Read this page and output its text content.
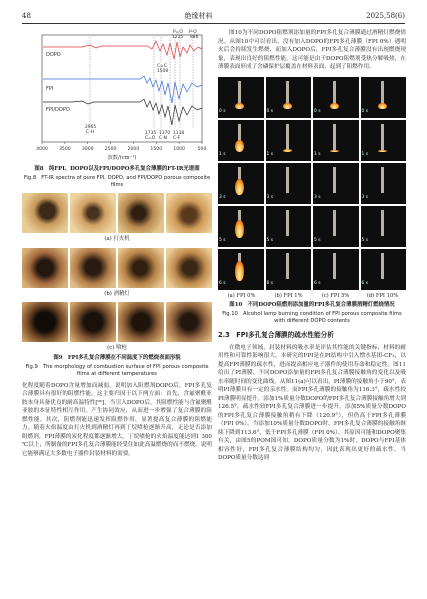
48	绝缘材料	2025,58(6)
DOPO
FPI
FPI/DOPO
P=O
1225
P-O
886
C=C
1508
2965
C-H	1735
C=O
1370
C-N
1138
C-F
4000 3500 3000 2500 2000 1500 1000	500
波数/(cm⁻¹)

图8　纯FPI、DOPO以及FPI/DOPO多孔复合薄膜的FT-IR光谱图

Fig.8　FT-IR spectra of pure FPI, DOPO, and FPI/DOPO porous composite films

(a) 打火机
(b) 酒精灯
(c) 喷枪

图9　FPI多孔复合薄膜在不同温度下的燃烧表面形貌

Fig.9　The morphology of combustion surface of FPI porous composite films at different temperatures

化程度随着DOPO含量增加而减弱，说明加入阻燃剂DOPO后，FPI多孔复合薄膜具有很好的阻燃性能。这主要归因于以下两方面：首先，含氟聚酰亚胺本身具备优良的耐高温特性[⁹⁶]，当引入DOPO后，其阻燃性能与含氟聚酰亚胺的本征特性相互作用，产生协同效应，从而进一步增强了复合薄膜的阻燃性能。其次，阻燃剂能迅速发挥阻燃作用，显著提高复合薄膜的阻燃能力。随着火焰温度由打火机到酒精灯再到丁烷喷枪逐渐升高，无论是否添加阻燃剂，FPI薄膜的炭化程度都逐渐增大。丁烷喷枪的火焰温度能达到1 300 ℃以上，所制备的FPI多孔复合薄膜能经受住如此高温燃烧的而不燃烧，说明它能够满足大多数电子器件封装材料的需要。

图10为不同DOPO阻燃剂添加量的FPI多孔复合薄膜通过酒精灯燃烧情况。从图10中可以看出，没有加入DOPO的FPI多孔薄膜（FPI 0%）遇明火后会持续发生燃烧，而加入DOPO后，FPI多孔复合薄膜没有出现燃烧现象，表现出良好的阻燃性能。这可能是由于DOPO阻燃剂受热分解吸热，在薄膜表面形成了含磷保护层覆盖在材料表面，起到了阻燃作用。

0 s	0 s	0 s	0 s
1 s	1 s	1 s	1 s
3 s	3 s	3 s	3 s
5 s	5 s	5 s	5 s
6 s	6 s	6 s	6 s
(a) FPI 0%	(b) FPI 1%	(c) FPI 5%	(d) FPI 10%

图10　不同DOPO阻燃剂添加量的FPI多孔复合薄膜酒精灯燃烧情况

Fig.10　Alcohol lamp burning condition of FPI porous composite films with different DOPO contents

2.3　FPI多孔复合薄膜的疏水性能分析

在微电子领域，封装材料的吸水率是评估其性能的关键指标，材料的耐用性和可靠性影响很大。本研究的FPI是在PI结构中引入憎水基团-CF₃，以提高FPI薄膜的疏水性，进而提高相应电子器件的使用寿命和稳定性。图11给出了PI薄膜、不同DOPO添加量的FPI多孔复合薄膜接触角的变化以及吸水率随时间的变化曲线。从图11(a)可以看出，PI薄膜的接触角小于90°，表明PI薄膜具有一定的亲水性。而FPI多孔薄膜的接触角为116.3°，疏水性较PI薄膜明显提升。添加1%质量分数DOPO的FPI多孔复合薄膜接触角增大到126.5°，疏水性较FPI多孔复合薄膜进一步提升。添加5%质量分数DOPO的FPI多孔复合薄膜接触角稍有下降（120.9°），但仍高于FPI多孔薄膜（FPI 0%）。当添加10%质量分数DOPO时，FPI多孔复合薄膜的接触角继续下降到113.6°，低于FPI多孔薄膜（FPI 0%）。其原因可能和DOPO聚集有关，由图5的POM图可知，DOPO质量分数为1%时，DOPO与FPI基体相容性好，FPI多孔复合薄膜结构均匀，因此表现出更好的疏水性。当DOPO质量分数达到
